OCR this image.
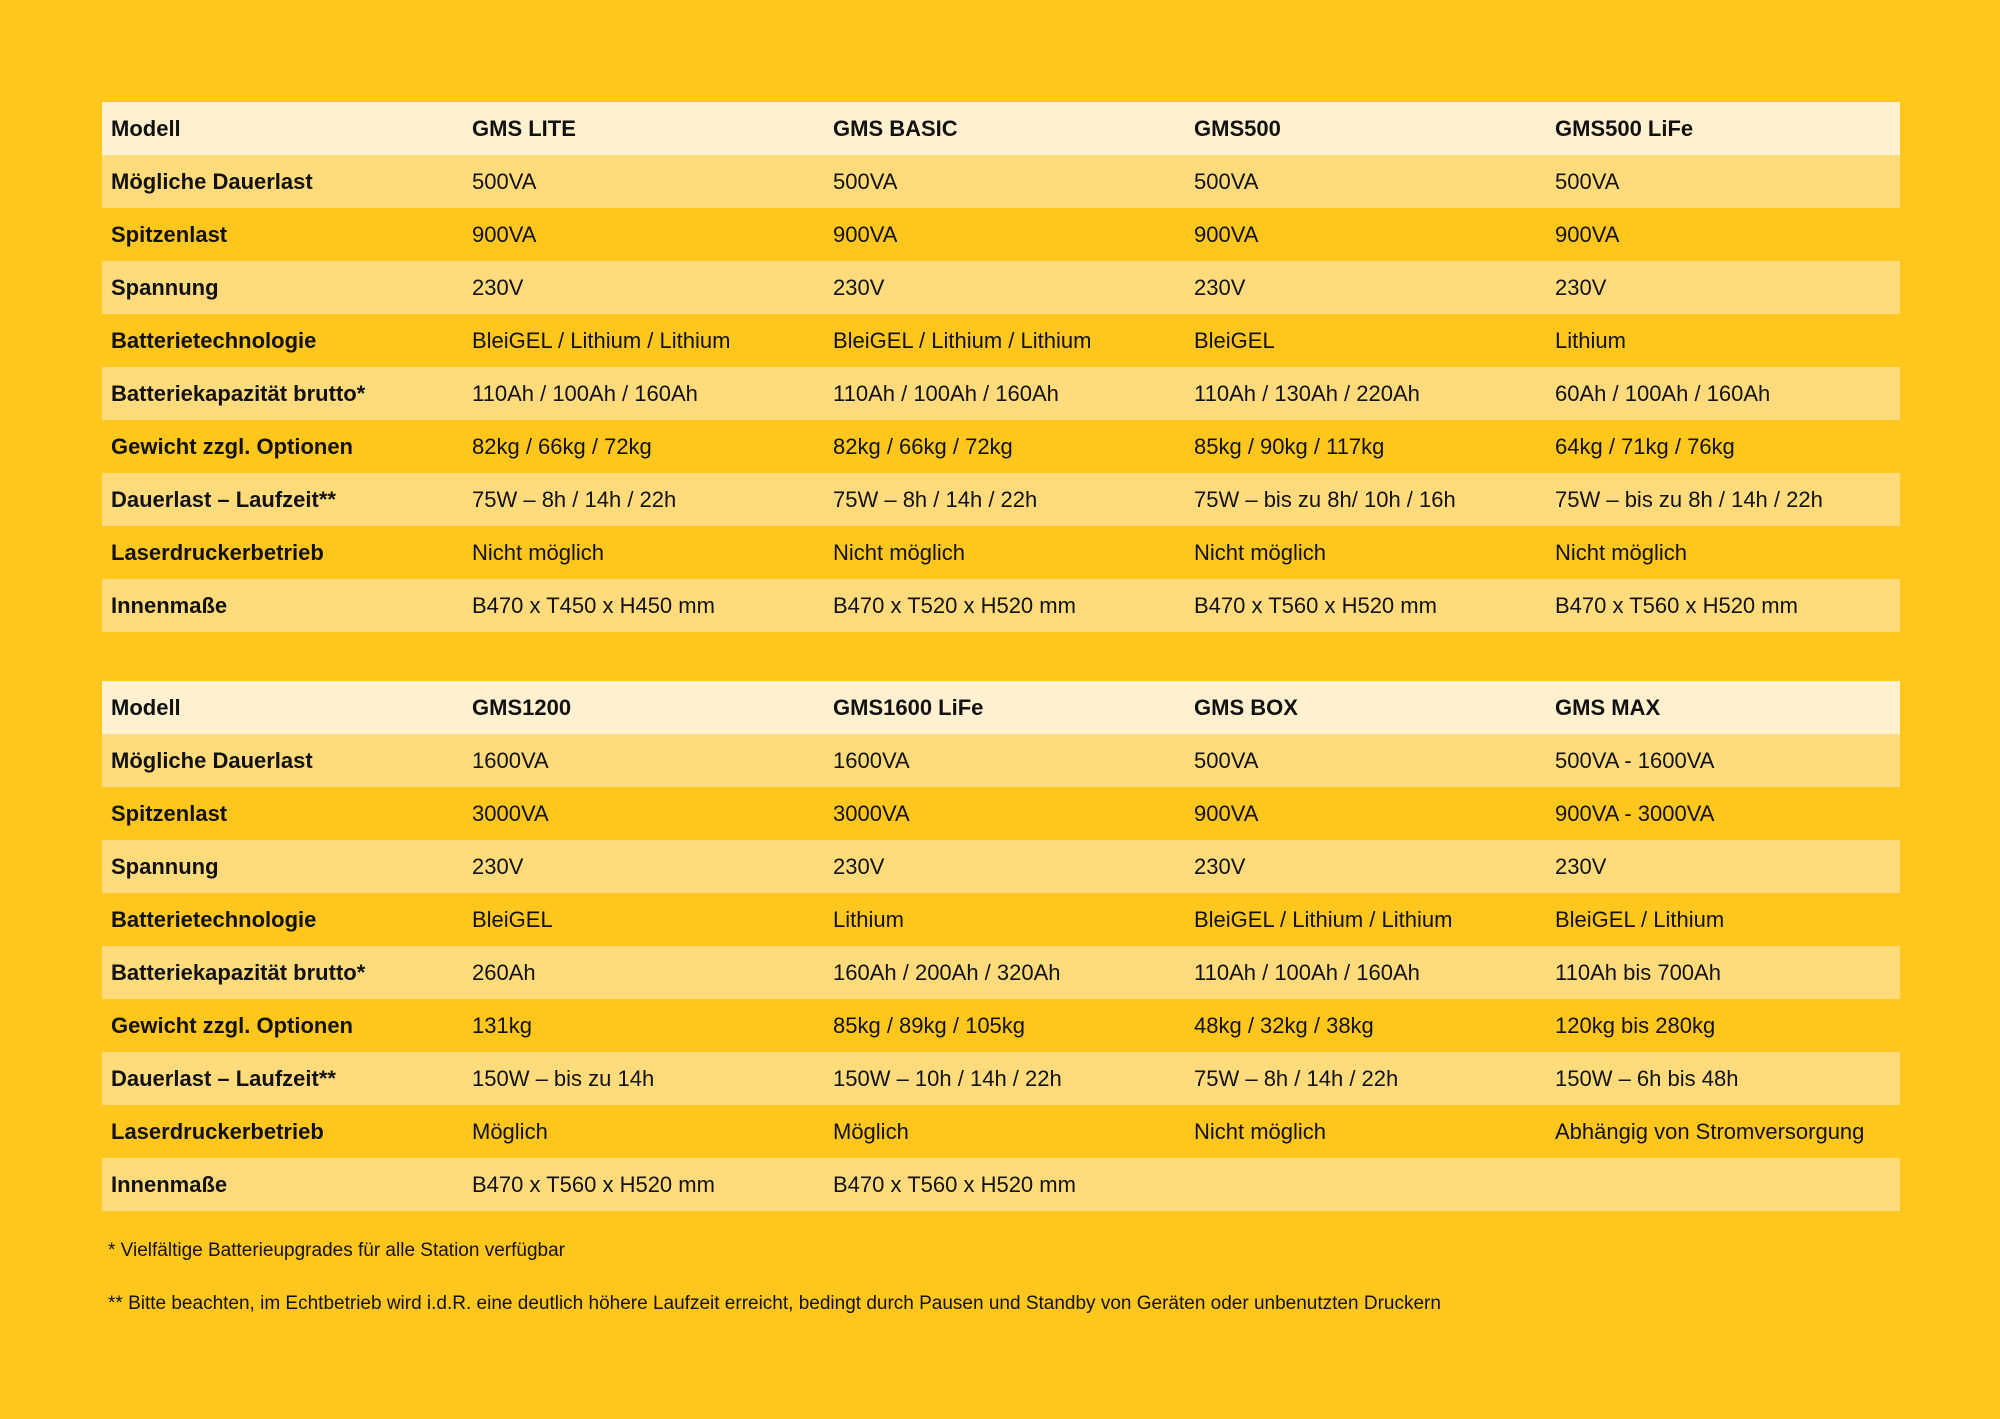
Modell	GMS LITE	GMS BASIC	GMS500	GMS500 LiFe
Mögliche Dauerlast	500VA	500VA	500VA	500VA
Spitzenlast	900VA	900VA	900VA	900VA
Spannung	230V	230V	230V	230V
Batterietechnologie	BleiGEL / Lithium / Lithium	BleiGEL / Lithium / Lithium	BleiGEL	Lithium
Batteriekapazität brutto*	110Ah / 100Ah / 160Ah	110Ah / 100Ah / 160Ah	110Ah / 130Ah / 220Ah	60Ah / 100Ah / 160Ah
Gewicht zzgl. Optionen	82kg / 66kg / 72kg	82kg / 66kg / 72kg	85kg / 90kg / 117kg	64kg / 71kg / 76kg
Dauerlast – Laufzeit**	75W – 8h / 14h / 22h	75W – 8h / 14h / 22h	75W – bis zu 8h/ 10h / 16h	75W – bis zu 8h / 14h / 22h
Laserdruckerbetrieb	Nicht möglich	Nicht möglich	Nicht möglich	Nicht möglich
Innenmaße	B470 x T450 x H450 mm	B470 x T520 x H520 mm	B470 x T560 x H520 mm	B470 x T560 x H520 mm
Modell	GMS1200	GMS1600 LiFe	GMS BOX	GMS MAX
Mögliche Dauerlast	1600VA	1600VA	500VA	500VA - 1600VA
Spitzenlast	3000VA	3000VA	900VA	900VA - 3000VA
Spannung	230V	230V	230V	230V
Batterietechnologie	BleiGEL	Lithium	BleiGEL / Lithium / Lithium	BleiGEL / Lithium
Batteriekapazität brutto*	260Ah	160Ah / 200Ah / 320Ah	110Ah / 100Ah / 160Ah	110Ah bis 700Ah
Gewicht zzgl. Optionen	131kg	85kg / 89kg / 105kg	48kg / 32kg / 38kg	120kg bis 280kg
Dauerlast – Laufzeit**	150W – bis zu 14h	150W – 10h / 14h / 22h	75W – 8h / 14h / 22h	150W – 6h bis 48h
Laserdruckerbetrieb	Möglich	Möglich	Nicht möglich	Abhängig von Stromversorgung
Innenmaße	B470 x T560 x H520 mm	B470 x T560 x H520 mm		
* Vielfältige Batterieupgrades für alle Station verfügbar
** Bitte beachten, im Echtbetrieb wird i.d.R. eine deutlich höhere Laufzeit erreicht, bedingt durch Pausen und Standby von Geräten oder unbenutzten Druckern
